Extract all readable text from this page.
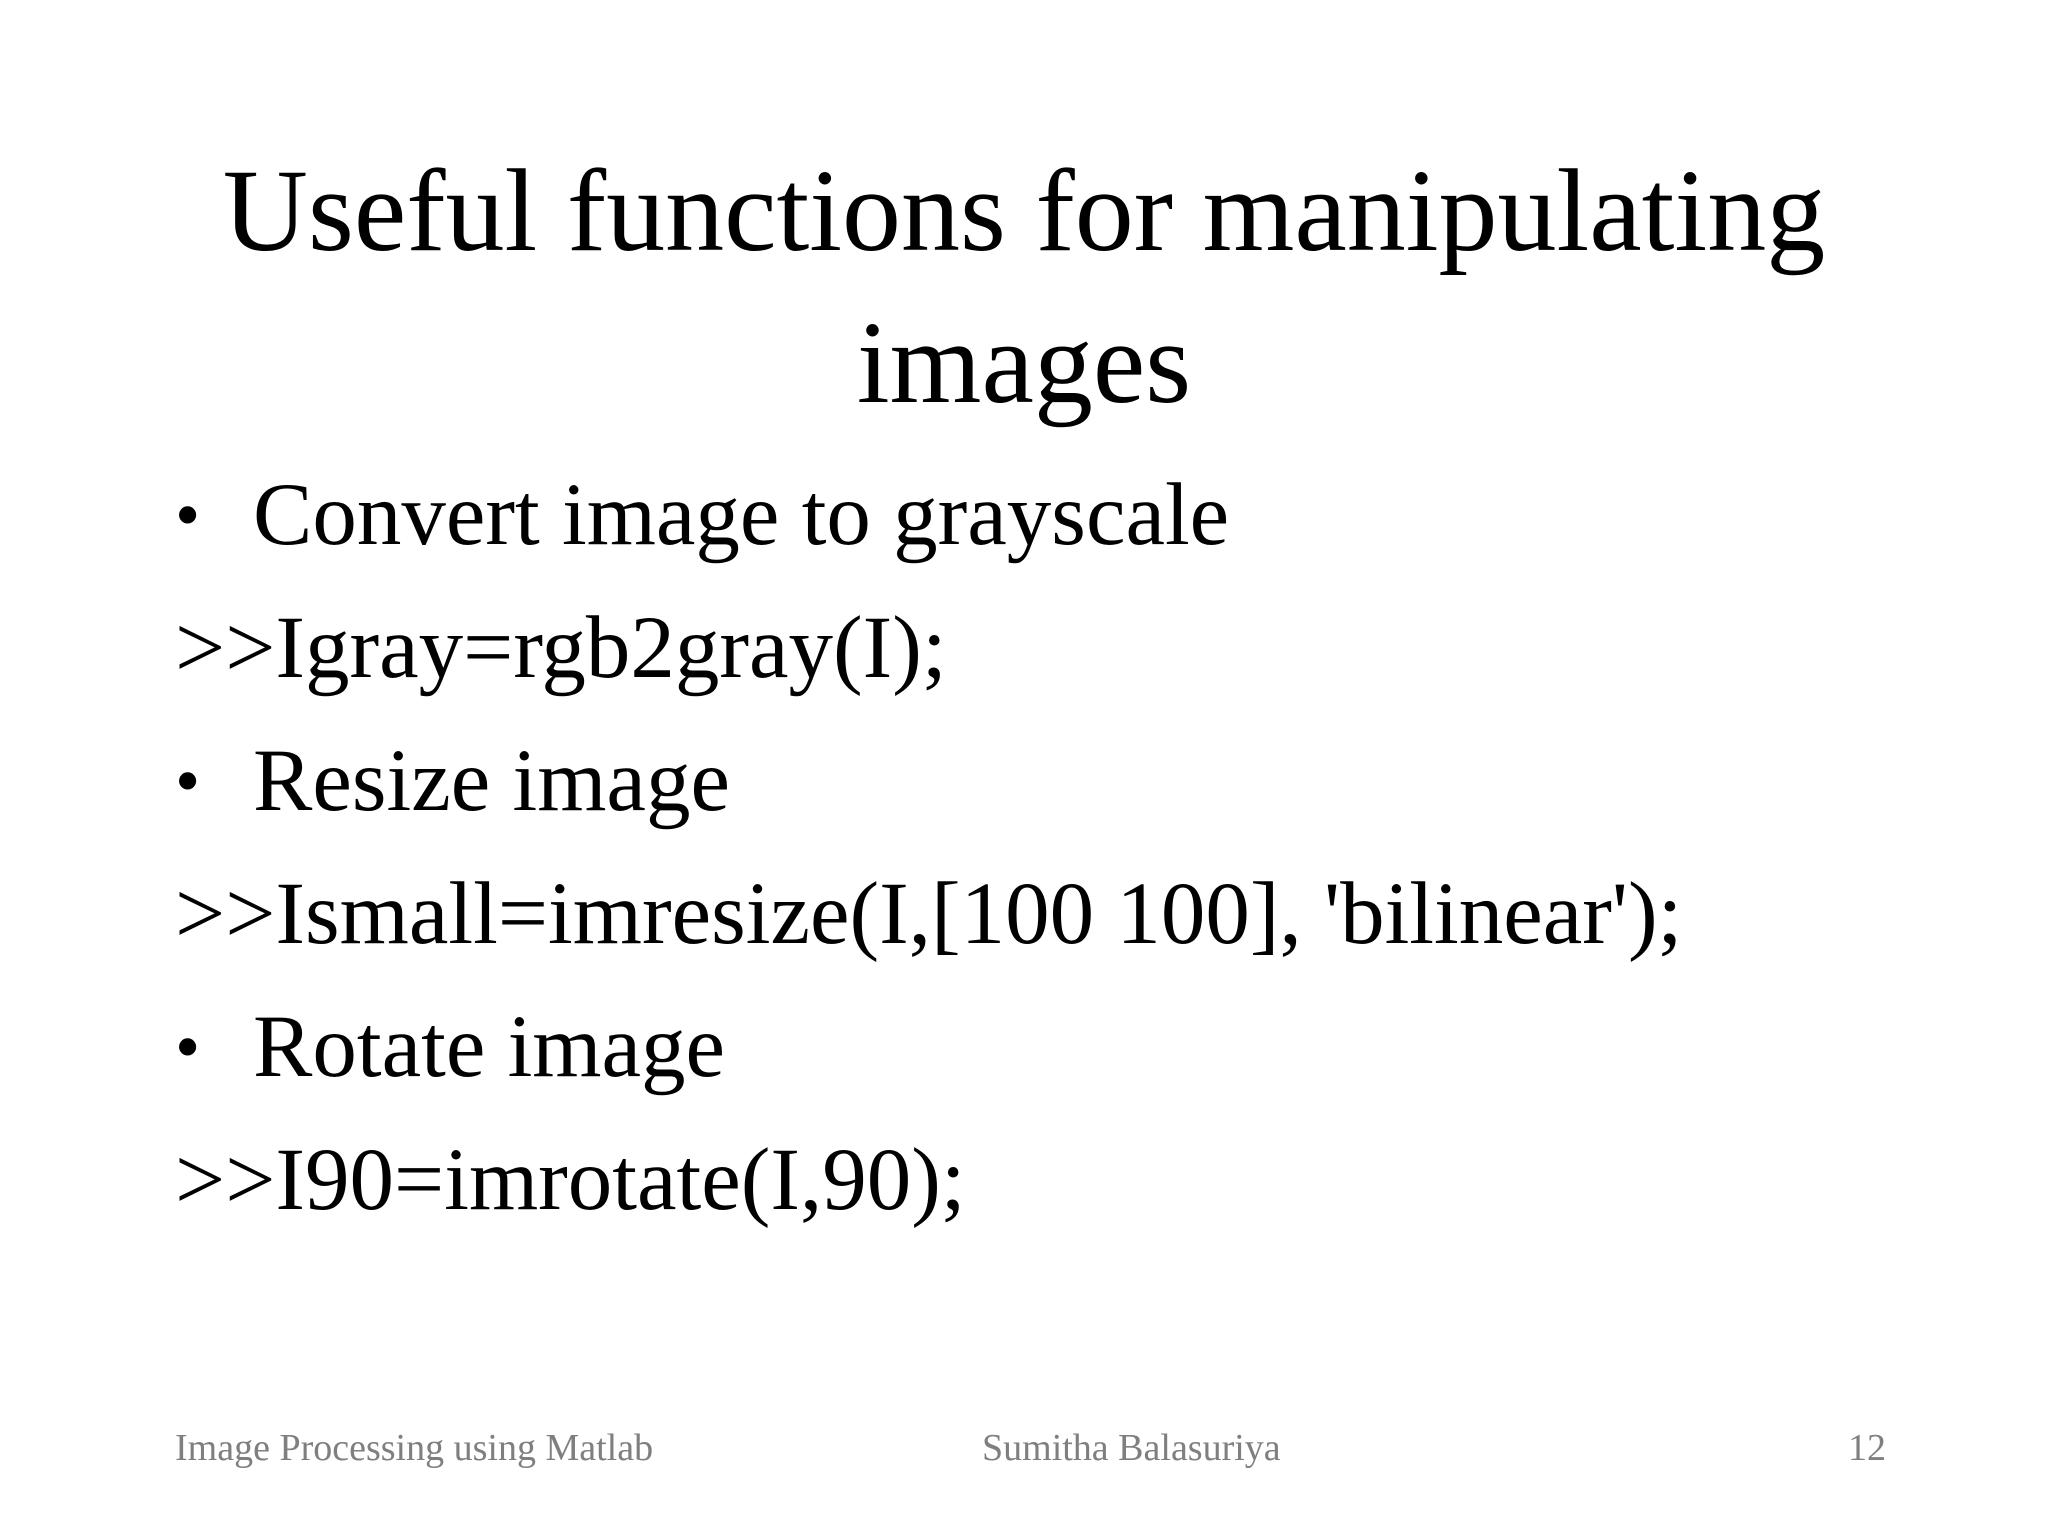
Useful functions for manipulating
images
• Convert image to grayscale
>>Igray=rgb2gray(I);
• Resize image
>>Ismall=imresize(I,[100 100], 'bilinear');
• Rotate image
>>I90=imrotate(I,90);
Image Processing using Matlab	Sumitha Balasuriya	12
